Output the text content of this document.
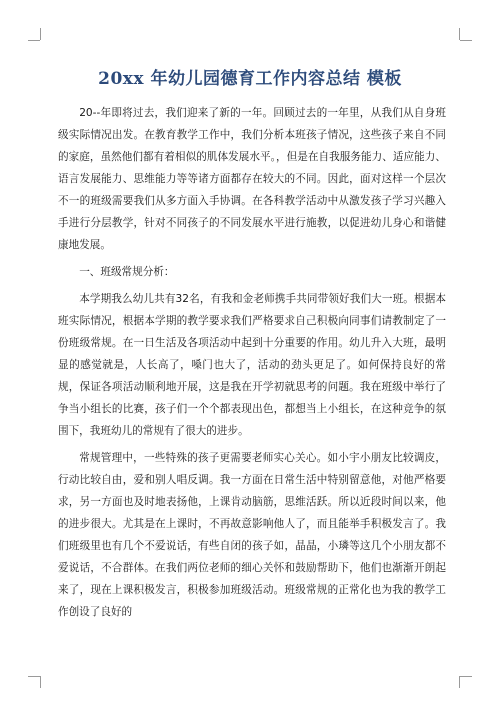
20xx 年幼儿园德育工作内容总结 模板

20--年即将过去，我们迎来了新的一年。回顾过去的一年里，从我们从自身班级实际情况出发。在教育教学工作中，我们分析本班孩子情况，这些孩子来自不同的家庭，虽然他们都有着相似的肌体发展水平。，但是在自我服务能力、适应能力、语言发展能力、思维能力等等诸方面都存在较大的不同。因此，面对这样一个层次不一的班级需要我们从多方面入手协调。在各科教学活动中从激发孩子学习兴趣入手进行分层教学，针对不同孩子的不同发展水平进行施教，以促进幼儿身心和谐健康地发展。

一、班级常规分析：

本学期我么幼儿共有32名，有我和金老师携手共同带领好我们大一班。根据本班实际情况，根据本学期的教学要求我们严格要求自己积极向同事们请教制定了一份班级常规。在一日生活及各项活动中起到十分重要的作用。幼儿升入大班，最明显的感觉就是，人长高了，嗓门也大了，活动的劲头更足了。如何保持良好的常规，保证各项活动顺利地开展，这是我在开学初就思考的问题。我在班级中举行了争当小组长的比赛，孩子们一个个都表现出色，都想当上小组长，在这种竞争的氛围下，我班幼儿的常规有了很大的进步。

常规管理中，一些特殊的孩子更需要老师实心关心。如小宇小朋友比较调皮，行动比较自由，爱和别人唱反调。我一方面在日常生活中特别留意他，对他严格要求，另一方面也及时地表扬他，上课肯动脑筋，思维活跃。所以近段时间以来，他的进步很大。尤其是在上课时，不再故意影响他人了，而且能举手积极发言了。我们班级里也有几个不爱说话，有些自闭的孩子如，晶晶，小璘等这几个小朋友都不爱说话，不合群体。在我们两位老师的细心关怀和鼓励帮助下，他们也渐渐开朗起来了，现在上课积极发言，积极参加班级活动。班级常规的正常化也为我的教学工作创设了良好的
